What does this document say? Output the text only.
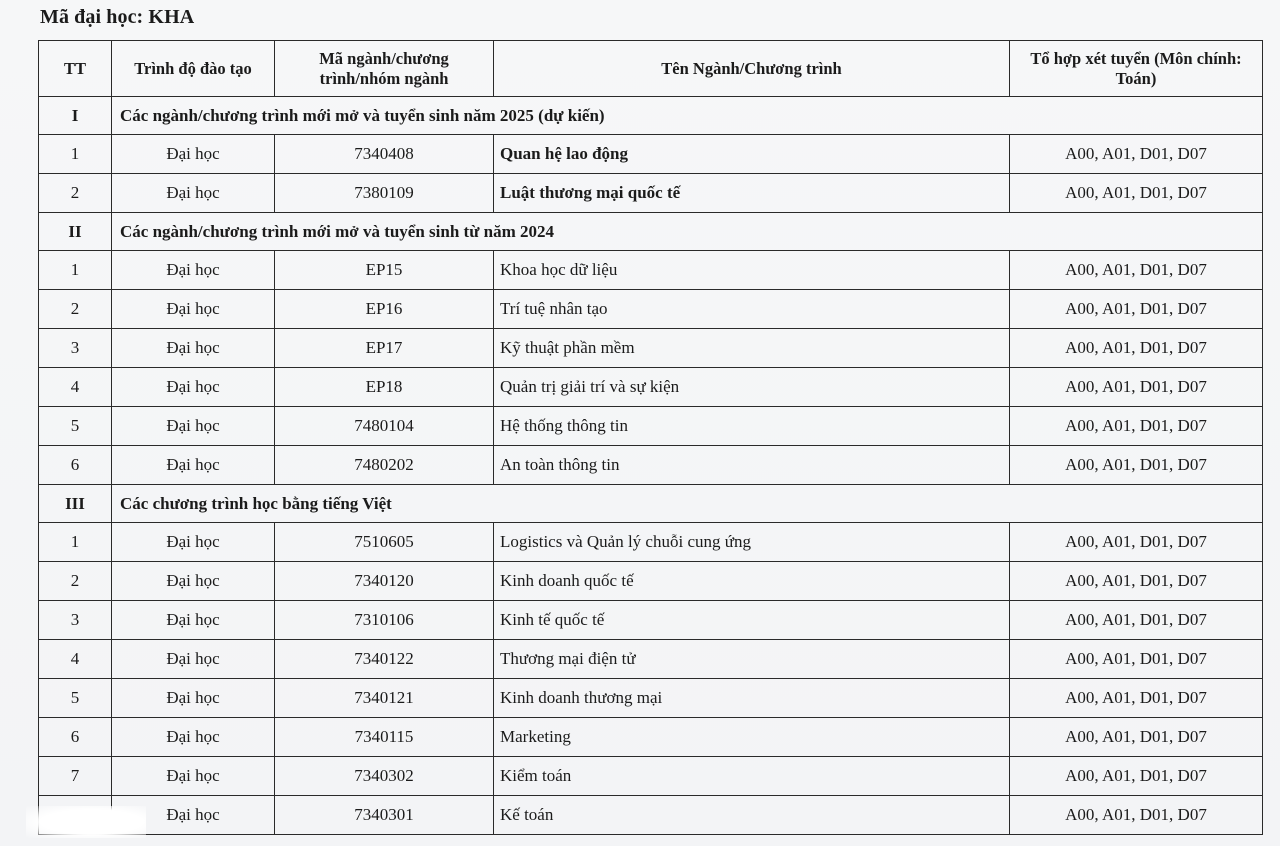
Mã đại học: KHA
TT	Trình độ đào tạo	Mã ngành/chương trình/nhóm ngành	Tên Ngành/Chương trình	Tổ hợp xét tuyển (Môn chính: Toán)
I	Các ngành/chương trình mới mở và tuyển sinh năm 2025 (dự kiến)			
1	Đại học	7340408	Quan hệ lao động	A00, A01, D01, D07
2	Đại học	7380109	Luật thương mại quốc tế	A00, A01, D01, D07
II	Các ngành/chương trình mới mở và tuyển sinh từ năm 2024			
1	Đại học	EP15	Khoa học dữ liệu	A00, A01, D01, D07
2	Đại học	EP16	Trí tuệ nhân tạo	A00, A01, D01, D07
3	Đại học	EP17	Kỹ thuật phần mềm	A00, A01, D01, D07
4	Đại học	EP18	Quản trị giải trí và sự kiện	A00, A01, D01, D07
5	Đại học	7480104	Hệ thống thông tin	A00, A01, D01, D07
6	Đại học	7480202	An toàn thông tin	A00, A01, D01, D07
III	Các chương trình học bằng tiếng Việt			
1	Đại học	7510605	Logistics và Quản lý chuỗi cung ứng	A00, A01, D01, D07
2	Đại học	7340120	Kinh doanh quốc tế	A00, A01, D01, D07
3	Đại học	7310106	Kinh tế quốc tế	A00, A01, D01, D07
4	Đại học	7340122	Thương mại điện tử	A00, A01, D01, D07
5	Đại học	7340121	Kinh doanh thương mại	A00, A01, D01, D07
6	Đại học	7340115	Marketing	A00, A01, D01, D07
7	Đại học	7340302	Kiểm toán	A00, A01, D01, D07
	Đại học	7340301	Kế toán	A00, A01, D01, D07
